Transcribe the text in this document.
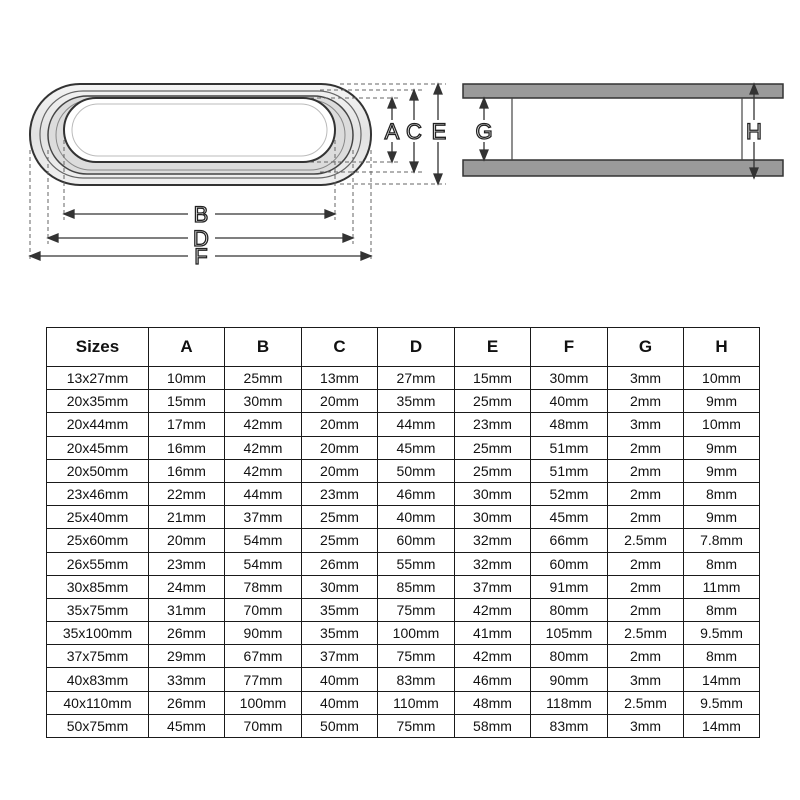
B
D
F
A C E G	H
Sizes	A	B	C	D	E	F	G	H
13x27mm	10mm	25mm	13mm	27mm	15mm	30mm	3mm	10mm
20x35mm	15mm	30mm	20mm	35mm	25mm	40mm	2mm	9mm
20x44mm	17mm	42mm	20mm	44mm	23mm	48mm	3mm	10mm
20x45mm	16mm	42mm	20mm	45mm	25mm	51mm	2mm	9mm
20x50mm	16mm	42mm	20mm	50mm	25mm	51mm	2mm	9mm
23x46mm	22mm	44mm	23mm	46mm	30mm	52mm	2mm	8mm
25x40mm	21mm	37mm	25mm	40mm	30mm	45mm	2mm	9mm
25x60mm	20mm	54mm	25mm	60mm	32mm	66mm	2.5mm	7.8mm
26x55mm	23mm	54mm	26mm	55mm	32mm	60mm	2mm	8mm
30x85mm	24mm	78mm	30mm	85mm	37mm	91mm	2mm	11mm
35x75mm	31mm	70mm	35mm	75mm	42mm	80mm	2mm	8mm
35x100mm	26mm	90mm	35mm	100mm	41mm	105mm	2.5mm	9.5mm
37x75mm	29mm	67mm	37mm	75mm	42mm	80mm	2mm	8mm
40x83mm	33mm	77mm	40mm	83mm	46mm	90mm	3mm	14mm
40x110mm	26mm	100mm	40mm	110mm	48mm	118mm	2.5mm	9.5mm
50x75mm	45mm	70mm	50mm	75mm	58mm	83mm	3mm	14mm
